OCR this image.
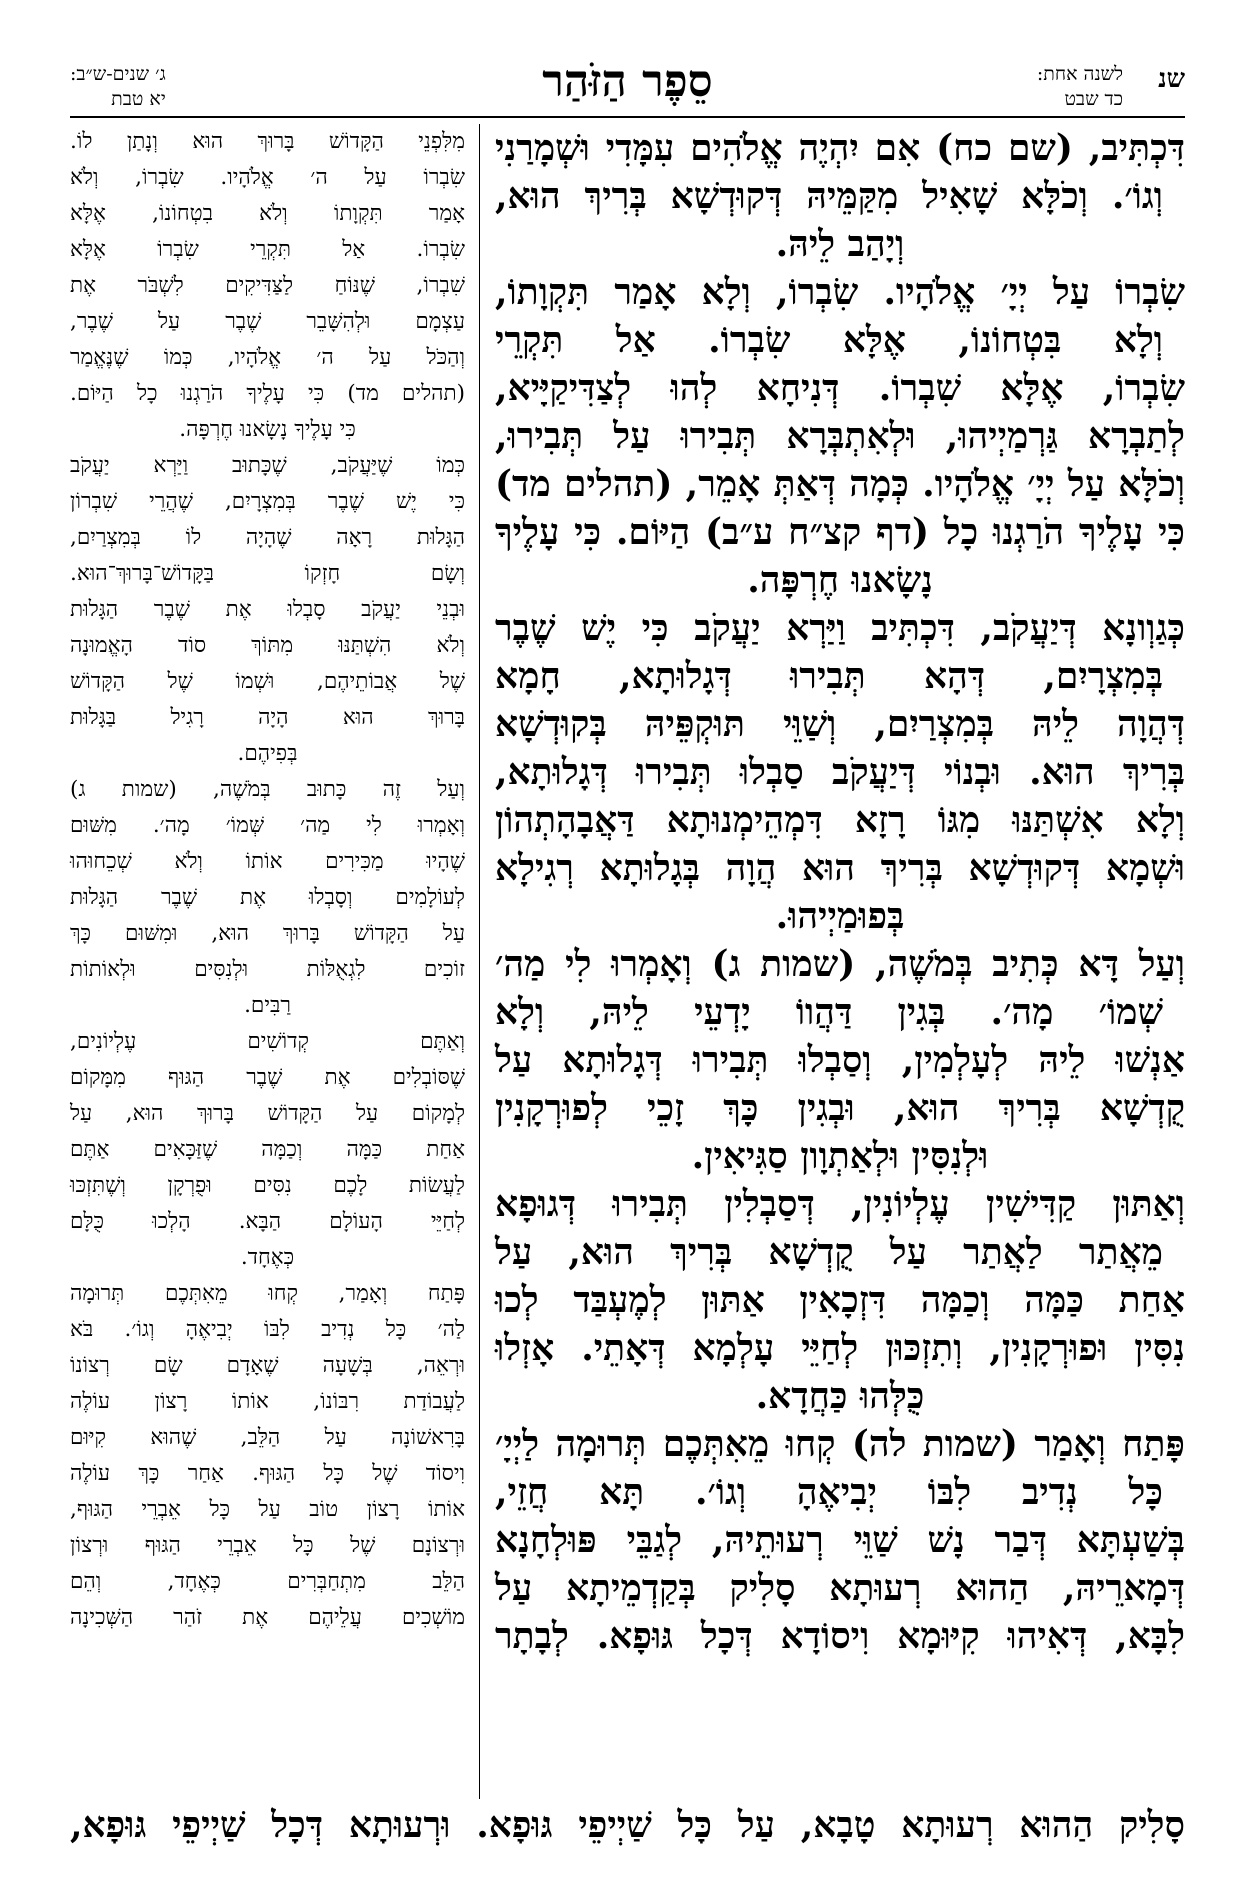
שנ
לשנה אחת:
כד שבט
סֵפֶר הַזֹּהַר
ג׳ שנים-ש״ב:
יא טבת
דִּכְתִּיב, (שם כח) אִם יִהְיֶה אֱלֹהִים עִמָּדִי וּשְׁמָרַנִי
וְגוֹ׳. וְכֹלָּא שָׁאִיל מִקַּמֵּיהּ דְּקוּדְשָׁא בְּרִיךְ הוּא,
וְיָהַב לֵיהּ.
שִׂבְרוֹ עַל יְיָ׳ אֱלֹהָיו. שִׂבְרוֹ, וְלָא אָמַר תִּקְוָתוֹ,
וְלָא בִּטְחוֹנוֹ, אֶלָּא שִׂבְרוֹ. אַל תִּקְרֵי
שִׂבְרוֹ, אֶלָּא שִׁבְרוֹ. דְּנִיחָא לְהוּ לְצַדִּיקַיָּיא,
לְתַבְרָא גַּרְמַיְיהוּ, וּלְאִתְבְּרָא תְּבִירוּ עַל תְּבִירוּ,
וְכֹלָּא עַל יְיָ׳ אֱלֹהָיו. כְּמָה דְּאַתְּ אָמֵר, (תהלים מד)
כִּי עָלֶיךָ הֹרַגְנוּ כָל (דף קצ״ח ע״ב) הַיּוֹם. כִּי עָלֶיךָ
נָשָׂאנוּ חֶרְפָּה.
כְּגַוְונָא דְּיַעֲקֹב, דִּכְתִּיב וַיַּרְא יַעֲקֹב כִּי יֶשׁ שֶׁבֶר
בְּמִצְרָיִם, דְּהָא תְּבִירוּ דְּגָלוּתָא, חָמָא
דְּהֲוָה לֵיהּ בְּמִצְרַיִם, וְשַׁוֵּי תּוּקְפֵּיהּ בְּקוּדְשָׁא
בְּרִיךְ הוּא. וּבְנוֹי דְּיַעֲקֹב סַבְלוּ תְּבִירוּ דְּגָלוּתָא,
וְלָא אִשְׁתַּנּוּ מִגּוֹ רָזָא דִּמְהֵימְנוּתָא דַּאֲבָהָתְהוֹן
וּשְׁמָא דְּקוּדְשָׁא בְּרִיךְ הוּא הֲוָה בְּגָלוּתָא רְגִילָא
בְּפוּמַיְיהוּ.
וְעַל דָּא כְּתִיב בְּמֹשֶׁה, (שמות ג) וְאָמְרוּ לִי מַה׳
שְׁמוֹ׳ מָה׳. בְּגִין דַּהֲווֹ יָדְעֵי לֵיהּ, וְלָא
אַנְשׁוּ לֵיהּ לְעָלְמִין, וְסַבְלוּ תְּבִירוּ דְּגָלוּתָא עַל
קֻדְשָׁא בְּרִיךְ הוּא, וּבְגִין כָּךְ זָכֵי לְפוּרְקָנִין
וּלְנִסִּין וּלְאַתְוָון סַגִּיאִין.
וְאַתּוּן קַדִּישִׁין עֶלְיוֹנִין, דְּסַבְלִין תְּבִירוּ דְּגוּפָא
מֵאֲתַר לַאֲתַר עַל קֻדְשָׁא בְּרִיךְ הוּא, עַל
אַחַת כַּמָּה וְכַמָּה דִּזְכָאִין אַתּוּן לְמֶעְבַּד לְכוּ
נִסִּין וּפוּרְקָנִין, וְתִזְכּוּן לְחַיֵּי עָלְמָא דְּאָתֵי. אָזְלוּ
כֻּלְּהוּ כַּחֲדָא.
פָּתַח וְאָמַר (שמות לה) קְחוּ מֵאִתְּכֶם תְּרוּמָה לַיְיָ׳
כָּל נְדִיב לִבּוֹ יְבִיאֶהָ וְגוֹ׳. תָּא חֲזֵי,
בְּשַׁעְתָּא דְּבַר נָשׁ שַׁוֵּי רְעוּתֵיהּ, לְגַבֵּי פּוּלְחָנָא
דְּמָארֵיהּ, הַהוּא רְעוּתָא סָלִיק בְּקַדְמֵיתָא עַל
לִבָּא, דְּאִיהוּ קִיּוּמָא וִיסוֹדָא דְּכָל גּוּפָא. לְבָתָר
מִלִּפְנֵי הַקָּדוֹשׁ בָּרוּךְ הוּא וְנָתַן לוֹ.
שִׂבְרוֹ עַל ה׳ אֱלֹהָיו. שִׂבְרוֹ, וְלֹא
אָמַר תִּקְוָתוֹ וְלֹא בִטְחוֹנוֹ, אֶלָּא
שִׂבְרוֹ. אַל תִּקְרֵי שִׂבְרוֹ אֶלָּא
שִׁבְרוֹ, שֶׁנּוֹחַ לַצַּדִּיקִים לִשְׁבֹּר אֶת
עַצְמָם וּלְהִשָּׁבֵר שֶׁבֶר עַל שֶׁבֶר,
וְהַכֹּל עַל ה׳ אֱלֹהָיו, כְּמוֹ שֶׁנֶּאֱמַר
(תהלים מד) כִּי עָלֶיךָ הֹרַגְנוּ כָל הַיּוֹם.
כִּי עָלֶיךָ נָשָׂאנוּ חֶרְפָּה.
כְּמוֹ שֶׁיַּעֲקֹב, שֶׁכָּתוּב וַיַּרְא יַעֲקֹב
כִּי יֶשׁ שֶׁבֶר בְּמִצְרָיִם, שֶׁהֲרֵי שִׁבְרוֹן
הַגָּלוּת רָאָה שֶׁהָיָה לוֹ בְּמִצְרַיִם,
וְשָׂם חָזְקוֹ בַּקָּדוֹשׁ־בָּרוּךְ־הוּא.
וּבְנֵי יַעֲקֹב סָבְלוּ אֶת שֶׁבֶר הַגָּלוּת
וְלֹא הִשְׁתַּנּוּ מִתּוֹךְ סוֹד הָאֱמוּנָה
שֶׁל אֲבוֹתֵיהֶם, וּשְׁמוֹ שֶׁל הַקָּדוֹשׁ
בָּרוּךְ הוּא הָיָה רָגִיל בַּגָּלוּת
בְּפִיהֶם.
וְעַל זֶה כָּתוּב בְּמֹשֶׁה, (שמות ג)
וְאָמְרוּ לִי מַה׳ שְּׁמוֹ׳ מָה׳. מִשּׁוּם
שֶׁהָיוּ מַכִּירִים אוֹתוֹ וְלֹא שְׁכֵחוּהוּ
לְעוֹלָמִים וְסָבְלוּ אֶת שֶׁבֶר הַגָּלוּת
עַל הַקָּדוֹשׁ בָּרוּךְ הוּא, וּמִשּׁוּם כָּךְ
זוֹכִים לִגְאֻלּוֹת וּלְנִסִּים וּלְאוֹתוֹת
רַבִּים.
וְאַתֶּם קְדוֹשִׁים עֶלְיוֹנִים,
שֶׁסּוֹבְלִים אֶת שֶׁבֶר הַגּוּף מִמָּקוֹם
לְמָקוֹם עַל הַקָּדוֹשׁ בָּרוּךְ הוּא, עַל
אַחַת כַּמָּה וְכַמָּה שֶׁזַּכָּאִים אַתֶּם
לַעֲשׂוֹת לָכֶם נִסִּים וּפֻרְקָן וְשֶׁתִּזְכּוּ
לְחַיֵּי הָעוֹלָם הַבָּא. הָלְכוּ כֻּלָּם
כְּאֶחָד.
פָּתַח וְאָמַר, קְחוּ מֵאִתְּכֶם תְּרוּמָה
לַה׳ כָּל נְדִיב לִבּוֹ יְבִיאֶהָ וְגוֹ׳. בֹּא
וּרְאֵה, בְּשָׁעָה שֶׁאָדָם שָׂם רְצוֹנוֹ
לַעֲבוֹדַת רִבּוֹנוֹ, אוֹתוֹ רָצוֹן עוֹלֶה
בָּרִאשׁוֹנָה עַל הַלֵּב, שֶׁהוּא קִיּוּם
וִיסוֹד שֶׁל כָּל הַגּוּף. אַחַר כָּךְ עוֹלֶה
אוֹתוֹ רָצוֹן טוֹב עַל כָּל אֵבְרֵי הַגּוּף,
וּרְצוֹנָם שֶׁל כָּל אֵבְרֵי הַגּוּף וּרְצוֹן
הַלֵּב מִתְחַבְּרִים כְּאֶחָד, וְהֵם
מוֹשְׁכִים עֲלֵיהֶם אֶת זֹהַר הַשְּׁכִינָה
סָלִיק הַהוּא רְעוּתָא טָבָא, עַל כָּל שַׁיְיפֵי גּוּפָא. וּרְעוּתָא דְּכָל שַׁיְיפֵי גּוּפָא,
